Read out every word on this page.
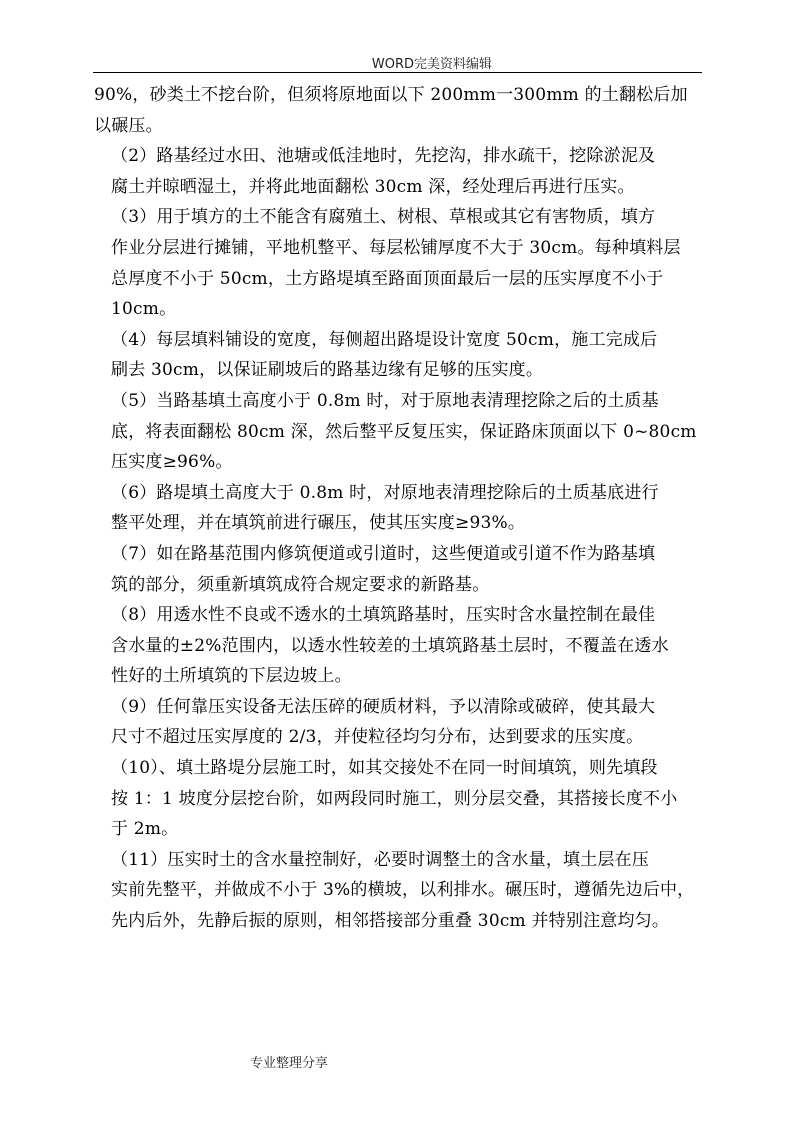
WORD完美资料编辑

90%，砂类土不挖台阶，但须将原地面以下 200mm一300mm 的土翻松后加
以碾压。

（2）路基经过水田、池塘或低洼地时，先挖沟，排水疏干，挖除淤泥及
腐土并晾晒湿土，并将此地面翻松 30cm 深，经处理后再进行压实。

（3）用于填方的土不能含有腐殖土、树根、草根或其它有害物质，填方
作业分层进行摊铺，平地机整平、每层松铺厚度不大于 30cm。每种填料层
总厚度不小于 50cm，土方路堤填至路面顶面最后一层的压实厚度不小于
10cm。

（4）每层填料铺设的宽度，每侧超出路堤设计宽度 50cm，施工完成后
刷去 30cm，以保证刷坡后的路基边缘有足够的压实度。

（5）当路基填土高度小于 0.8m 时，对于原地表清理挖除之后的土质基
底，将表面翻松 80cm 深，然后整平反复压实，保证路床顶面以下 0~80cm
压实度≥96%。

（6）路堤填土高度大于 0.8m 时，对原地表清理挖除后的土质基底进行
整平处理，并在填筑前进行碾压，使其压实度≥93%。

（7）如在路基范围内修筑便道或引道时，这些便道或引道不作为路基填
筑的部分，须重新填筑成符合规定要求的新路基。

（8）用透水性不良或不透水的土填筑路基时，压实时含水量控制在最佳
含水量的±2%范围内，以透水性较差的土填筑路基土层时，不覆盖在透水
性好的土所填筑的下层边坡上。

（9）任何靠压实设备无法压碎的硬质材料，予以清除或破碎，使其最大
尺寸不超过压实厚度的 2/3，并使粒径均匀分布，达到要求的压实度。

（10）、填土路堤分层施工时，如其交接处不在同一时间填筑，则先填段
按 1：1 坡度分层挖台阶，如两段同时施工，则分层交叠，其搭接长度不小
于 2m。

（11）压实时土的含水量控制好，必要时调整土的含水量，填土层在压
实前先整平，并做成不小于 3%的横坡，以利排水。碾压时，遵循先边后中，
先内后外，先静后振的原则，相邻搭接部分重叠 30cm 并特别注意均匀。

专业整理分享
